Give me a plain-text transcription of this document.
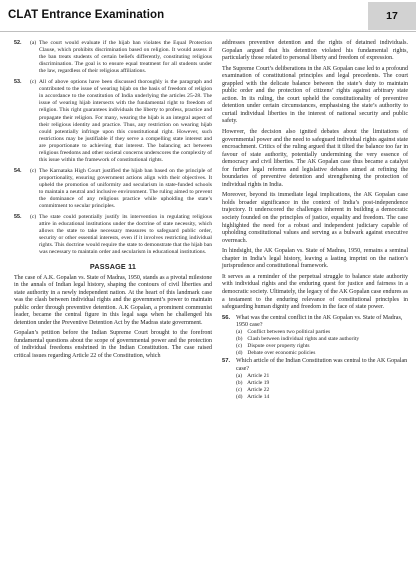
CLAT Entrance Examination	17
52.	(a) The court would evaluate if the hijab ban violates the Equal Protection Clause, which prohibits discrimination based on religion. It would assess if the ban treats students of certain beliefs differently, constituting religious discrimination. The goal is to ensure equal treatment for all students under the law, regardless of their religious affiliations.
53.	(c) All of above options have been discussed thoroughly is the paragraph and contributed to the issue of wearing hijab on the basis of freedom of religion in accordance to the constitution of India underlying the articles 25-28. The issue of wearing hijab intersects with the fundamental right to freedom of religion. This right guarantees individuals the liberty to profess, practice and propagate their religion. For many, wearing the hijab is an integral aspect of their religious identity and practice. Thus, any restriction on wearing hijab could potentially infringe upon this constitutional right. However, such restrictions may be justifiable if they serve a compelling state interest and are proportionate to achieving that interest. The balancing act between religious freedoms and other societal concerns underscores the complexity of this issue within the framework of constitutional rights.
54.	(c) The Karnataka High Court justified the hijab ban based on the principle of proportionality, ensuring government actions align with their objectives. It upheld the promotion of uniformity and secularism in state-funded schools to maintain a neutral and inclusive environment. The ruling aimed to prevent the dominance of any religious practice while upholding the state’s commitment to secular principles.
55.	(c) The state could potentially justify its intervention in regulating religious attire in educational institutions under the doctrine of state necessity, which allows the state to take necessary measures to safeguard public order, security or other essential interests, even if it involves restricting individual rights. This doctrine would require the state to demonstrate that the hijab ban was necessary to maintain order and secularism in educational institutions.
PASSAGE 11

The case of A.K. Gopalan vs. State of Madras, 1950, stands as a pivotal milestone in the annals of Indian legal history, shaping the contours of civil liberties and state authority in a newly independent nation. At the heart of this landmark case was the clash between individual rights and the government’s power to maintain public order through preventive detention. A.K Gopalan, a prominent communist leader, became the central figure in this legal saga when he challenged his detention under the Preventive Detention Act by the Madras state government.

Gopalan’s petition before the Indian Supreme Court brought to the forefront fundamental questions about the scope of governmental power and the protection of individual freedoms enshrined in the Indian Constitution. The case raised critical issues regarding Article 22 of the Constitution, which

addresses preventive detention and the rights of detained individuals. Gopalan argued that his detention violated his fundamental rights, particularly those related to personal liberty and freedom of expression.

The Supreme Court’s deliberations in the AK Gopalan case led to a profound examination of constitutional principles and legal precedents. The court grappled with the delicate balance between the state’s duty to maintain public order and the protection of citizens’ rights against arbitrary state action. In its ruling, the court upheld the constitutionality of preventive detention under certain circumstances, emphasising the state’s authority to curtail individual liberties in the interest of national security and public safety.

However, the decision also ignited debates about the limitations of governmental power and the need to safeguard individual rights against state encroachment. Critics of the ruling argued that it tilted the balance too far in favour of state authority, potentially undermining the very essence of democracy and civil liberties. The AK Gopalan case thus became a catalyst for further legal reforms and legislative debates aimed at refining the boundaries of preventive detention and strengthening the protection of individual rights in India.

Moreover, beyond its immediate legal implications, the AK Gopalan case holds broader significance in the context of India’s post-independence trajectory. It underscored the challenges inherent in building a democratic society founded on the principles of justice, equality and freedom. The case highlighted the need for a robust and independent judiciary capable of upholding constitutional values and serving as a bulwark against executive overreach.

In hindsight, the AK Gopalan vs. State of Madras, 1950, remains a seminal chapter in India’s legal history, leaving a lasting imprint on the nation’s jurisprudence and constitutional framework.

It serves as a reminder of the perpetual struggle to balance state authority with individual rights and the enduring quest for justice and fairness in a democratic society. Ultimately, the legacy of the AK Gopalan case endures as a testament to the enduring relevance of constitutional principles in safeguarding human dignity and freedom in the face of state power.

56. What was the central conflict in the AK Gopalan vs. State of Madras, 1950 case?
(a) Conflict between two political parties
(b) Clash between individual rights and state authority
(c) Dispute over property rights
(d) Debate over economic policies
57. Which article of the Indian Constitution was central to the AK Gopalan case?
(a) Article 21
(b) Article 19
(c) Article 22
(d) Article 14
